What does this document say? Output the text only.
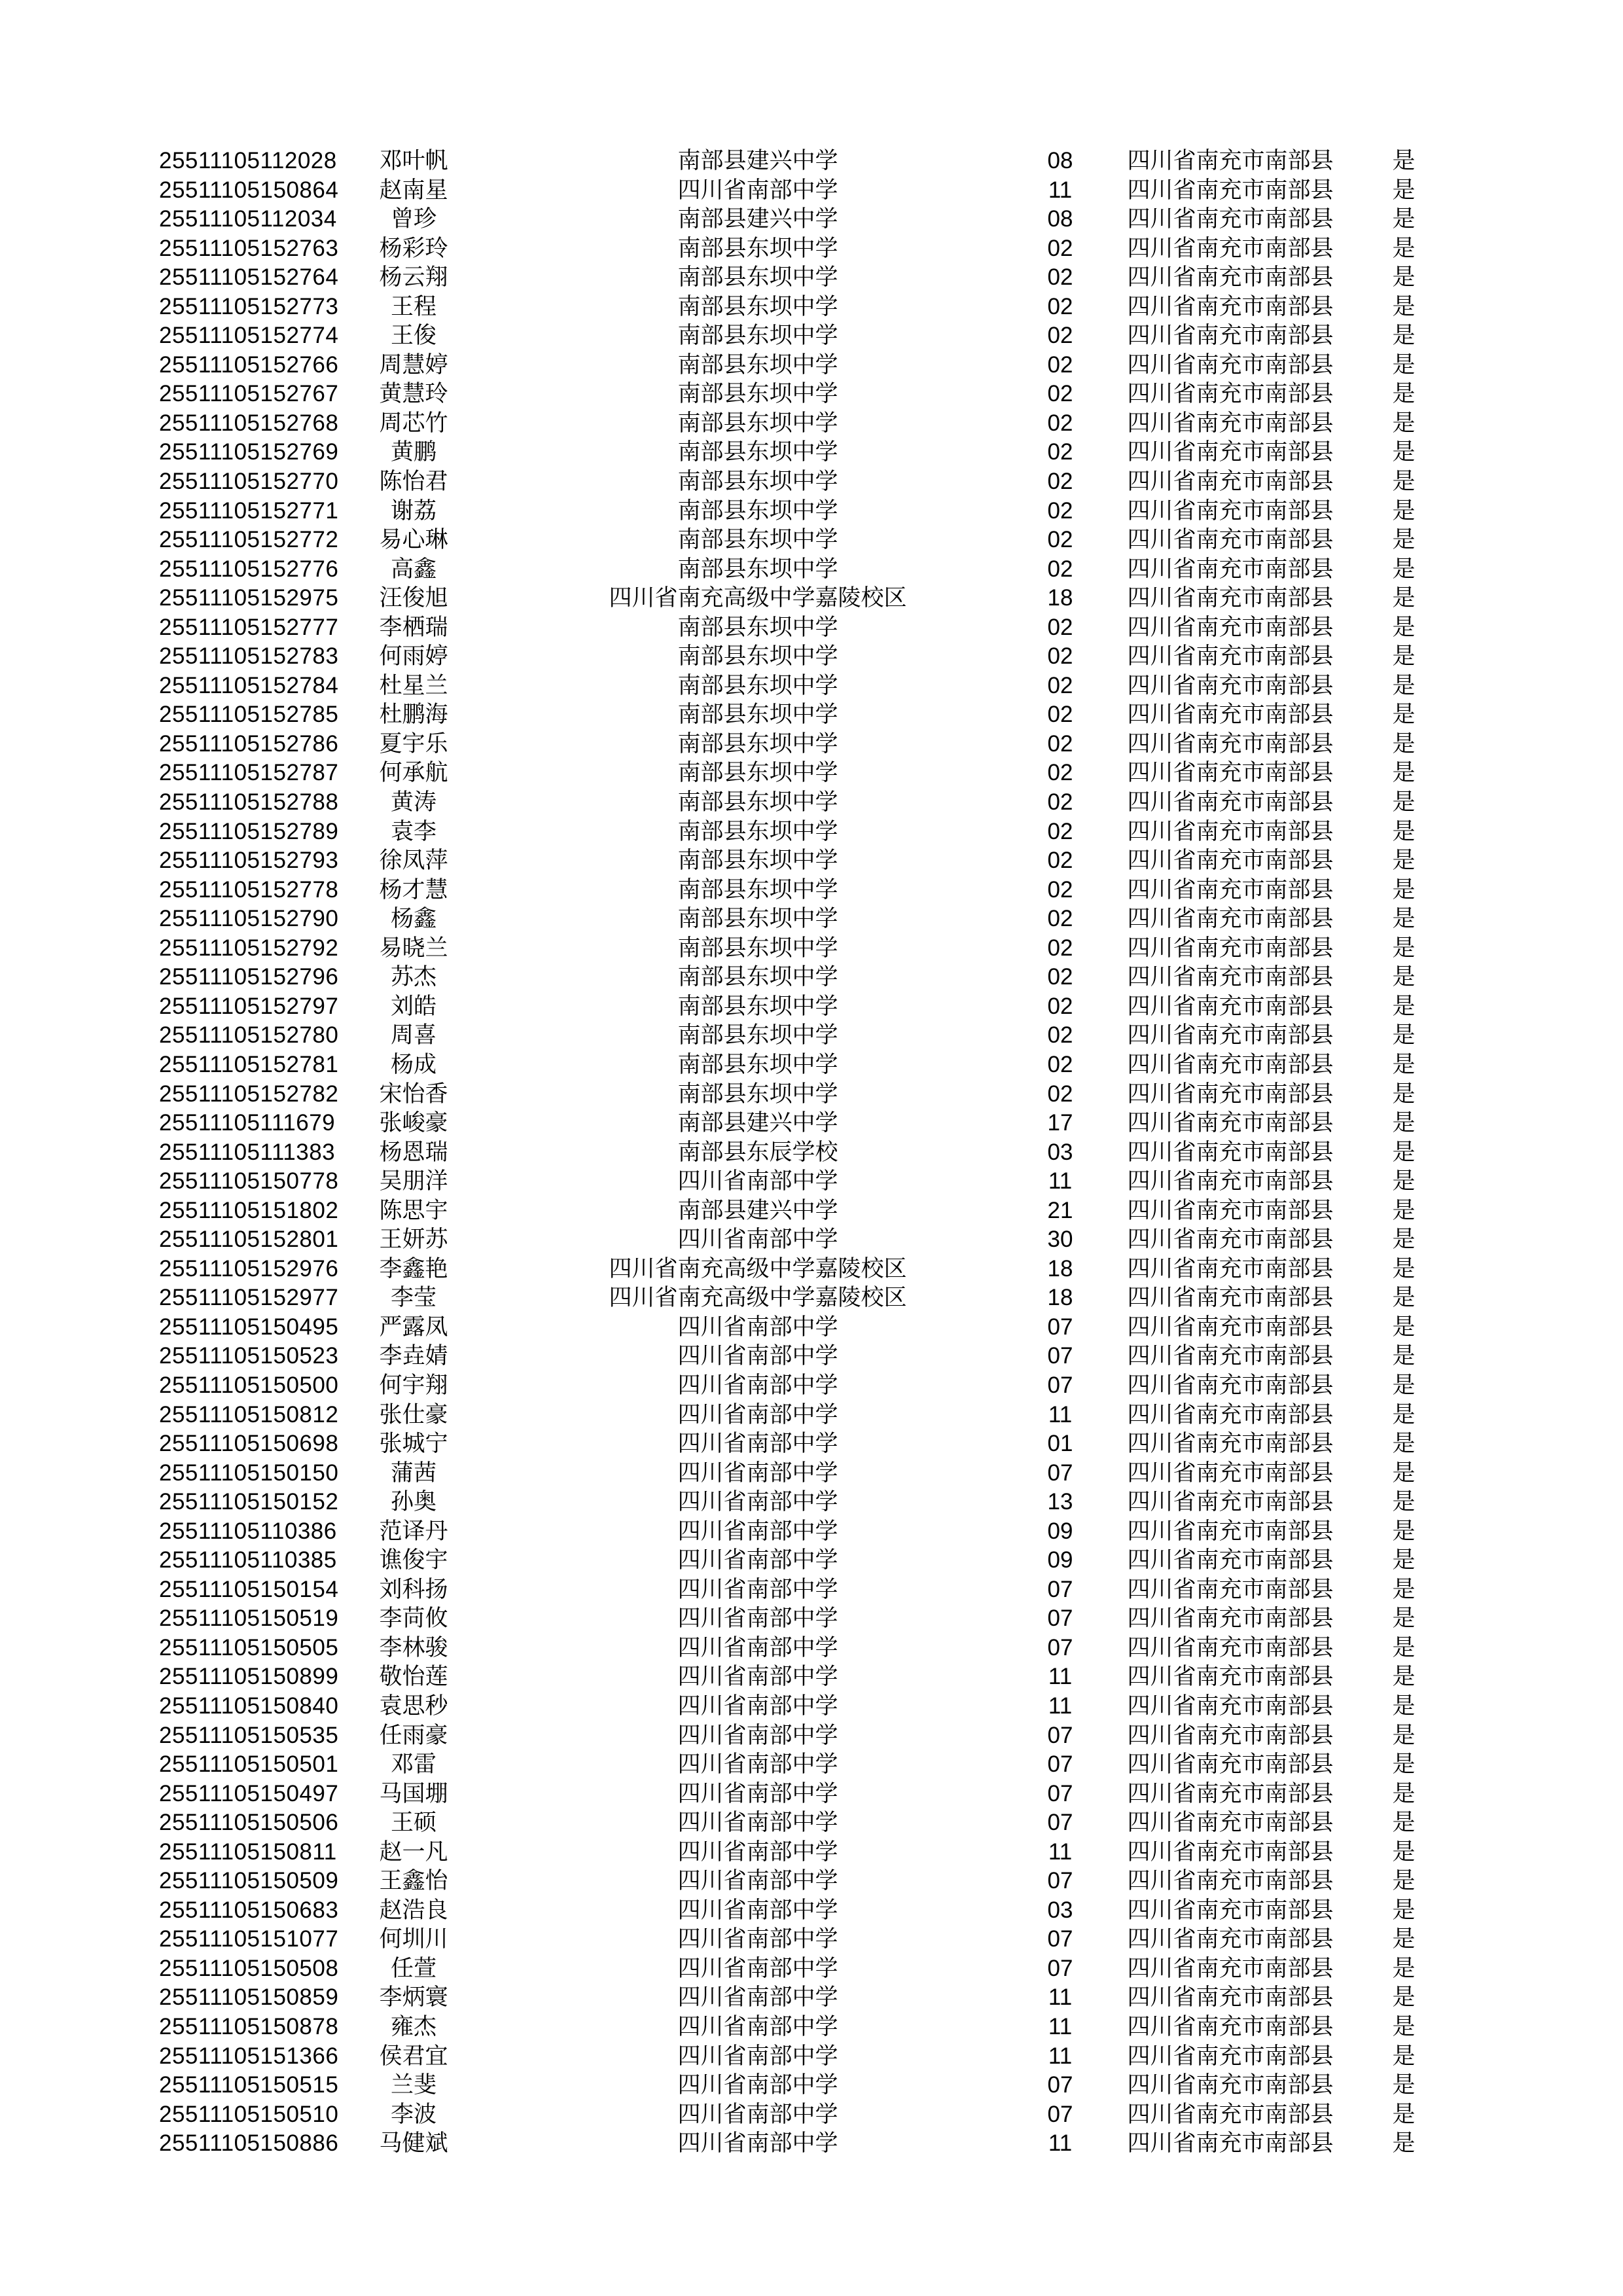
25511105112028	邓叶帆	南部县建兴中学	08	四川省南充市南部县	是
25511105150864	赵南星	四川省南部中学	11	四川省南充市南部县	是
25511105112034	曾珍	南部县建兴中学	08	四川省南充市南部县	是
25511105152763	杨彩玲	南部县东坝中学	02	四川省南充市南部县	是
25511105152764	杨云翔	南部县东坝中学	02	四川省南充市南部县	是
25511105152773	王程	南部县东坝中学	02	四川省南充市南部县	是
25511105152774	王俊	南部县东坝中学	02	四川省南充市南部县	是
25511105152766	周慧婷	南部县东坝中学	02	四川省南充市南部县	是
25511105152767	黄慧玲	南部县东坝中学	02	四川省南充市南部县	是
25511105152768	周芯竹	南部县东坝中学	02	四川省南充市南部县	是
25511105152769	黄鹏	南部县东坝中学	02	四川省南充市南部县	是
25511105152770	陈怡君	南部县东坝中学	02	四川省南充市南部县	是
25511105152771	谢荔	南部县东坝中学	02	四川省南充市南部县	是
25511105152772	易心琳	南部县东坝中学	02	四川省南充市南部县	是
25511105152776	高鑫	南部县东坝中学	02	四川省南充市南部县	是
25511105152975	汪俊旭	四川省南充高级中学嘉陵校区	18	四川省南充市南部县	是
25511105152777	李栖瑞	南部县东坝中学	02	四川省南充市南部县	是
25511105152783	何雨婷	南部县东坝中学	02	四川省南充市南部县	是
25511105152784	杜星兰	南部县东坝中学	02	四川省南充市南部县	是
25511105152785	杜鹏海	南部县东坝中学	02	四川省南充市南部县	是
25511105152786	夏宇乐	南部县东坝中学	02	四川省南充市南部县	是
25511105152787	何承航	南部县东坝中学	02	四川省南充市南部县	是
25511105152788	黄涛	南部县东坝中学	02	四川省南充市南部县	是
25511105152789	袁李	南部县东坝中学	02	四川省南充市南部县	是
25511105152793	徐凤萍	南部县东坝中学	02	四川省南充市南部县	是
25511105152778	杨才慧	南部县东坝中学	02	四川省南充市南部县	是
25511105152790	杨鑫	南部县东坝中学	02	四川省南充市南部县	是
25511105152792	易晓兰	南部县东坝中学	02	四川省南充市南部县	是
25511105152796	苏杰	南部县东坝中学	02	四川省南充市南部县	是
25511105152797	刘皓	南部县东坝中学	02	四川省南充市南部县	是
25511105152780	周喜	南部县东坝中学	02	四川省南充市南部县	是
25511105152781	杨成	南部县东坝中学	02	四川省南充市南部县	是
25511105152782	宋怡香	南部县东坝中学	02	四川省南充市南部县	是
25511105111679	张峻豪	南部县建兴中学	17	四川省南充市南部县	是
25511105111383	杨恩瑞	南部县东辰学校	03	四川省南充市南部县	是
25511105150778	吴朋洋	四川省南部中学	11	四川省南充市南部县	是
25511105151802	陈思宇	南部县建兴中学	21	四川省南充市南部县	是
25511105152801	王妍苏	四川省南部中学	30	四川省南充市南部县	是
25511105152976	李鑫艳	四川省南充高级中学嘉陵校区	18	四川省南充市南部县	是
25511105152977	李莹	四川省南充高级中学嘉陵校区	18	四川省南充市南部县	是
25511105150495	严露凤	四川省南部中学	07	四川省南充市南部县	是
25511105150523	李垚婧	四川省南部中学	07	四川省南充市南部县	是
25511105150500	何宇翔	四川省南部中学	07	四川省南充市南部县	是
25511105150812	张仕豪	四川省南部中学	11	四川省南充市南部县	是
25511105150698	张城宁	四川省南部中学	01	四川省南充市南部县	是
25511105150150	蒲茜	四川省南部中学	07	四川省南充市南部县	是
25511105150152	孙奥	四川省南部中学	13	四川省南充市南部县	是
25511105110386	范译丹	四川省南部中学	09	四川省南充市南部县	是
25511105110385	谯俊宇	四川省南部中学	09	四川省南充市南部县	是
25511105150154	刘科扬	四川省南部中学	07	四川省南充市南部县	是
25511105150519	李苘攸	四川省南部中学	07	四川省南充市南部县	是
25511105150505	李林骏	四川省南部中学	07	四川省南充市南部县	是
25511105150899	敬怡莲	四川省南部中学	11	四川省南充市南部县	是
25511105150840	袁思秒	四川省南部中学	11	四川省南充市南部县	是
25511105150535	任雨豪	四川省南部中学	07	四川省南充市南部县	是
25511105150501	邓雷	四川省南部中学	07	四川省南充市南部县	是
25511105150497	马国堋	四川省南部中学	07	四川省南充市南部县	是
25511105150506	王硕	四川省南部中学	07	四川省南充市南部县	是
25511105150811	赵一凡	四川省南部中学	11	四川省南充市南部县	是
25511105150509	王鑫怡	四川省南部中学	07	四川省南充市南部县	是
25511105150683	赵浩良	四川省南部中学	03	四川省南充市南部县	是
25511105151077	何圳川	四川省南部中学	07	四川省南充市南部县	是
25511105150508	任萱	四川省南部中学	07	四川省南充市南部县	是
25511105150859	李炳寰	四川省南部中学	11	四川省南充市南部县	是
25511105150878	雍杰	四川省南部中学	11	四川省南充市南部县	是
25511105151366	侯君宜	四川省南部中学	11	四川省南充市南部县	是
25511105150515	兰斐	四川省南部中学	07	四川省南充市南部县	是
25511105150510	李波	四川省南部中学	07	四川省南充市南部县	是
25511105150886	马健斌	四川省南部中学	11	四川省南充市南部县	是
